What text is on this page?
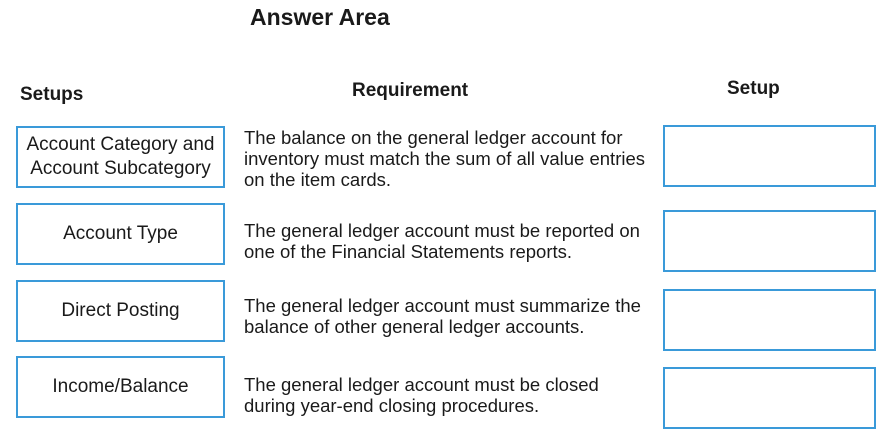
Answer Area
Setups	Requirement	Setup
Account Category and Account Subcategory
Account Type
Direct Posting
Income/Balance
The balance on the general ledger account for inventory must match the sum of all value entries on the item cards.
The general ledger account must be reported on one of the Financial Statements reports.
The general ledger account must summarize the balance of other general ledger accounts.
The general ledger account must be closed during year-end closing procedures.
